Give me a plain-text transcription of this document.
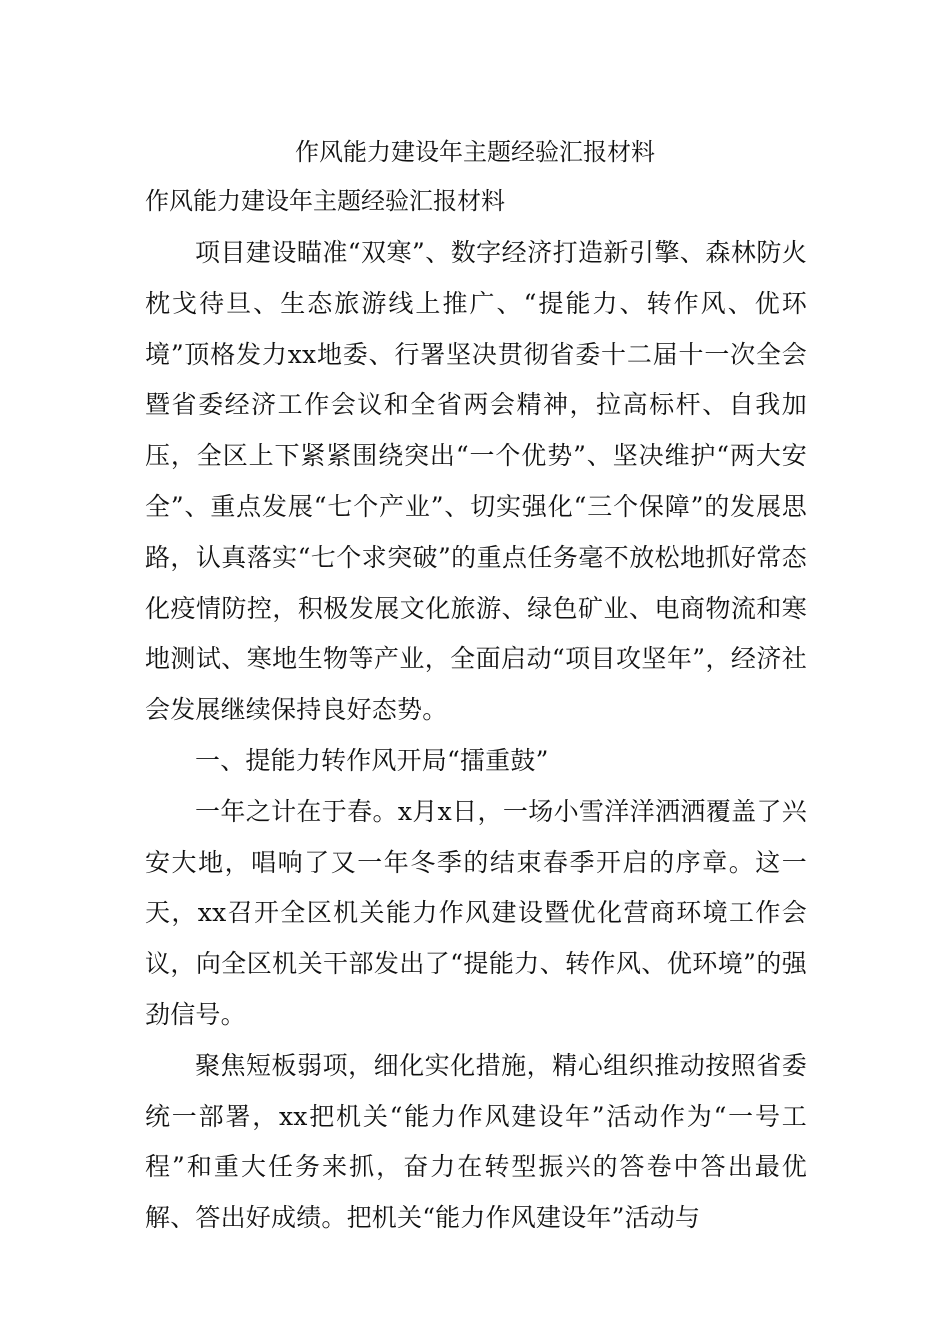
作风能力建设年主题经验汇报材料
作风能力建设年主题经验汇报材料

项目建设瞄准“双寒”、数字经济打造新引擎、森林防火枕戈待旦、生态旅游线上推广、“提能力、转作风、优环境”顶格发力xx地委、行署坚决贯彻省委十二届十一次全会暨省委经济工作会议和全省两会精神，拉高标杆、自我加压，全区上下紧紧围绕突出“一个优势”、坚决维护“两大安全”、重点发展“七个产业”、切实强化“三个保障”的发展思路，认真落实“七个求突破”的重点任务毫不放松地抓好常态化疫情防控，积极发展文化旅游、绿色矿业、电商物流和寒地测试、寒地生物等产业，全面启动“项目攻坚年”，经济社会发展继续保持良好态势。

一、提能力转作风开局“擂重鼓”

一年之计在于春。x月x日，一场小雪洋洋洒洒覆盖了兴安大地，唱响了又一年冬季的结束春季开启的序章。这一天，xx召开全区机关能力作风建设暨优化营商环境工作会议，向全区机关干部发出了“提能力、转作风、优环境”的强劲信号。

聚焦短板弱项，细化实化措施，精心组织推动按照省委统一部署，xx把机关“能力作风建设年”活动作为“一号工程”和重大任务来抓，奋力在转型振兴的答卷中答出最优解、答出好成绩。把机关“能力作风建设年”活动与
